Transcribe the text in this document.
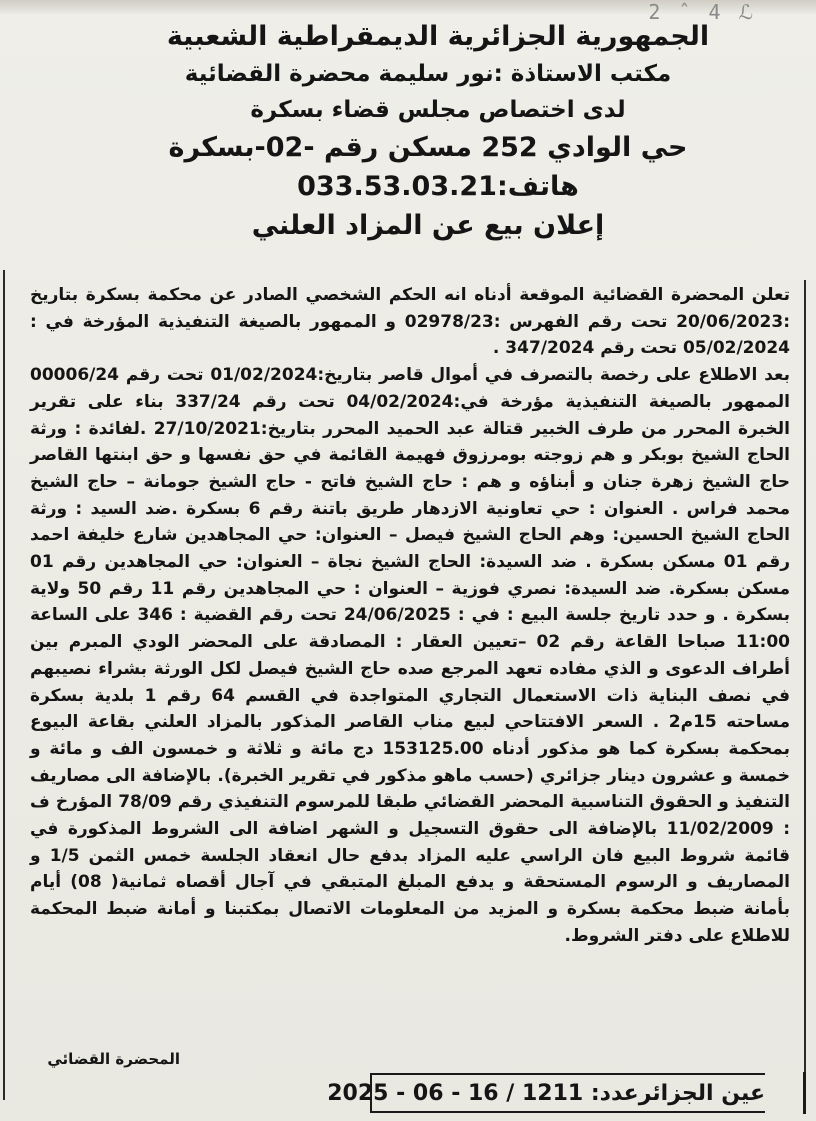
2 ˆ 4 ℒ

الجمهورية الجزائرية الديمقراطية الشعبية

مكتب الاستاذة :نور سليمة محضرة القضائية

لدى اختصاص مجلس قضاء بسكرة

حي الوادي 252 مسكن رقم -02-بسكرة

هاتف:033.53.03.21

إعلان بيع عن المزاد العلني

تعلن المحضرة القضائية الموقعة أدناه انه الحكم الشخصي الصادر عن محكمة بسكرة بتاريخ :20/06/2023 تحت رقم الفهرس :02978/23 و الممهور بالصيغة التنفيذية المؤرخة في : 05/02/2024 تحت رقم 347/2024 .

بعد الاطلاع على رخصة بالتصرف في أموال قاصر بتاريخ:01/02/2024 تحت رقم 00006/24 الممهور بالصيغة التنفيذية مؤرخة في:04/02/2024 تحت رقم 337/24 بناء على تقرير الخبرة المحرر من طرف الخبير قتالة عبد الحميد المحرر بتاريخ:27/10/2021 .لفائدة : ورثة الحاج الشيخ بوبكر و هم زوجته بومرزوق فهيمة القائمة في حق نفسها و حق ابنتها القاصر حاج الشيخ زهرة جنان و أبناؤه و هم : حاج الشيخ فاتح - حاج الشيخ جومانة – حاج الشيخ محمد فراس . العنوان : حي تعاونية الازدهار طريق باتنة رقم 6 بسكرة .ضد السيد : ورثة الحاج الشيخ الحسين: وهم الحاج الشيخ فيصل – العنوان: حي المجاهدين شارع خليفة احمد رقم 01 مسكن بسكرة . ضد السيدة: الحاج الشيخ نجاة – العنوان: حي المجاهدين رقم 01 مسكن بسكرة. ضد السيدة: نصري فوزية – العنوان : حي المجاهدين رقم 11 رقم 50 ولاية بسكرة . و حدد تاريخ جلسة البيع : في : 24/06/2025 تحت رقم القضية : 346 على الساعة 11:00 صباحا القاعة رقم 02 –تعيين العقار : المصادقة على المحضر الودي المبرم بين أطراف الدعوى و الذي مفاده تعهد المرجع صده حاج الشيخ فيصل لكل الورثة بشراء نصيبهم في نصف البناية ذات الاستعمال التجاري المتواجدة في القسم 64 رقم 1 بلدية بسكرة مساحته 15م2 . السعر الافتتاحي لبيع مناب القاصر المذكور بالمزاد العلني بقاعة البيوع بمحكمة بسكرة كما هو مذكور أدناه 153125.00 دج مائة و ثلاثة و خمسون الف و مائة و خمسة و عشرون دينار جزائري (حسب ماهو مذكور في تقرير الخبرة). بالإضافة الى مصاريف التنفيذ و الحقوق التناسبية المحضر القضائي طبقا للمرسوم التنفيذي رقم 78/09 المؤرخ ف : 11/02/2009 بالإضافة الى حقوق التسجيل و الشهر اضافة الى الشروط المذكورة في قائمة شروط البيع فان الراسي عليه المزاد بدفع حال انعقاد الجلسة خمس الثمن 1/5 و المصاريف و الرسوم المستحقة و يدفع المبلغ المتبقي في آجال أقصاه ثمانية( 08) أيام بأمانة ضبط محكمة بسكرة و المزيد من المعلومات الاتصال بمكتبنا و أمانة ضبط المحكمة للاطلاع على دفتر الشروط.

المحضرة القضائي
عين الجزائرعدد: 1211 / 16 - 06 - 2025
